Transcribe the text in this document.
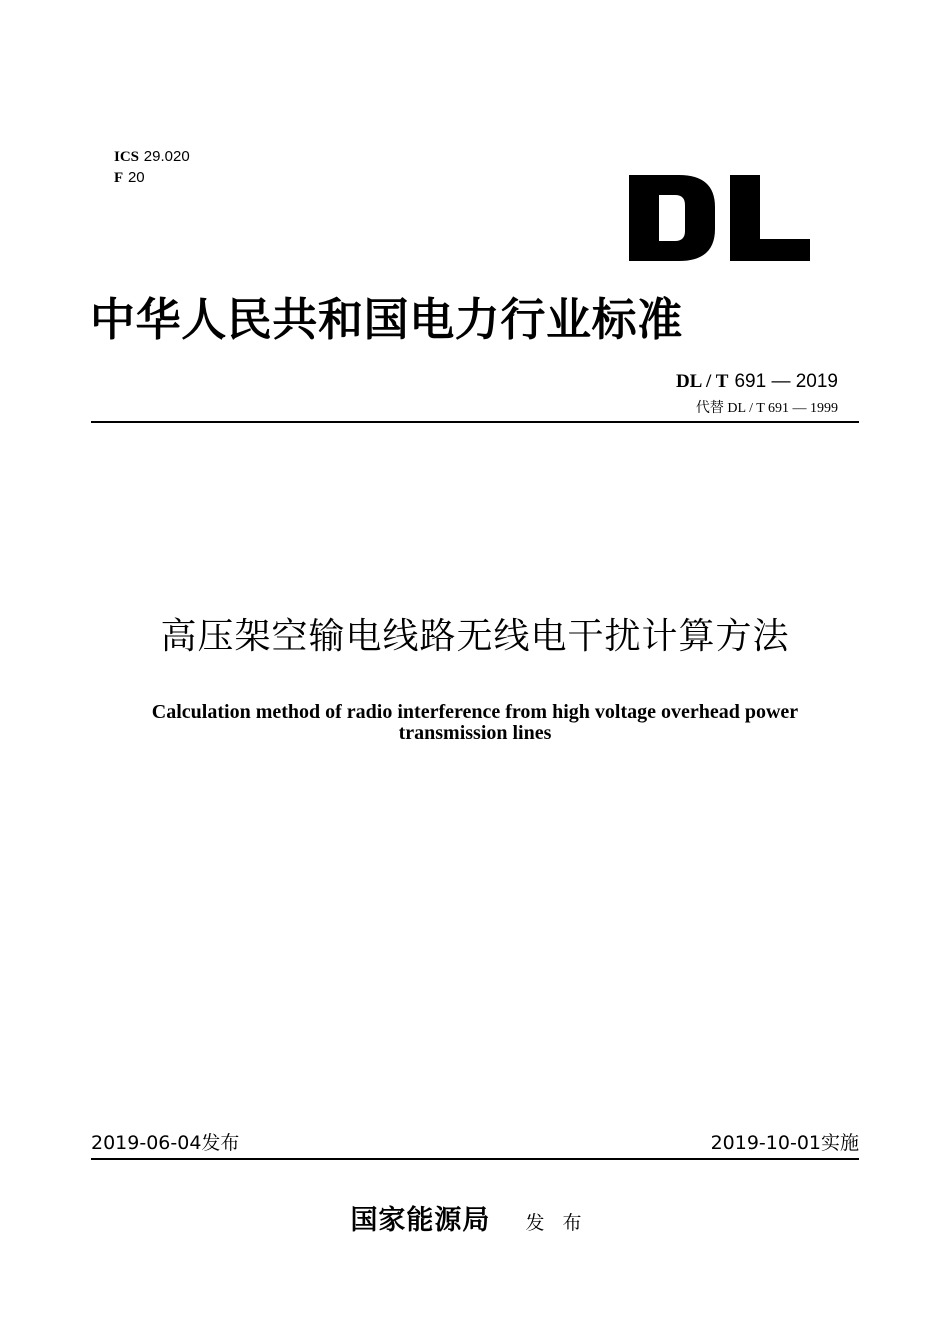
ICS 29.020
F 20	DL
中华人民共和国电力行业标准
DL / T 691 — 2019
代替 DL / T 691 — 1999
高压架空输电线路无线电干扰计算方法
Calculation method of radio interference from high voltage overhead power
transmission lines
2019-06-04发布	2019-10-01实施
国家能源局 发布
